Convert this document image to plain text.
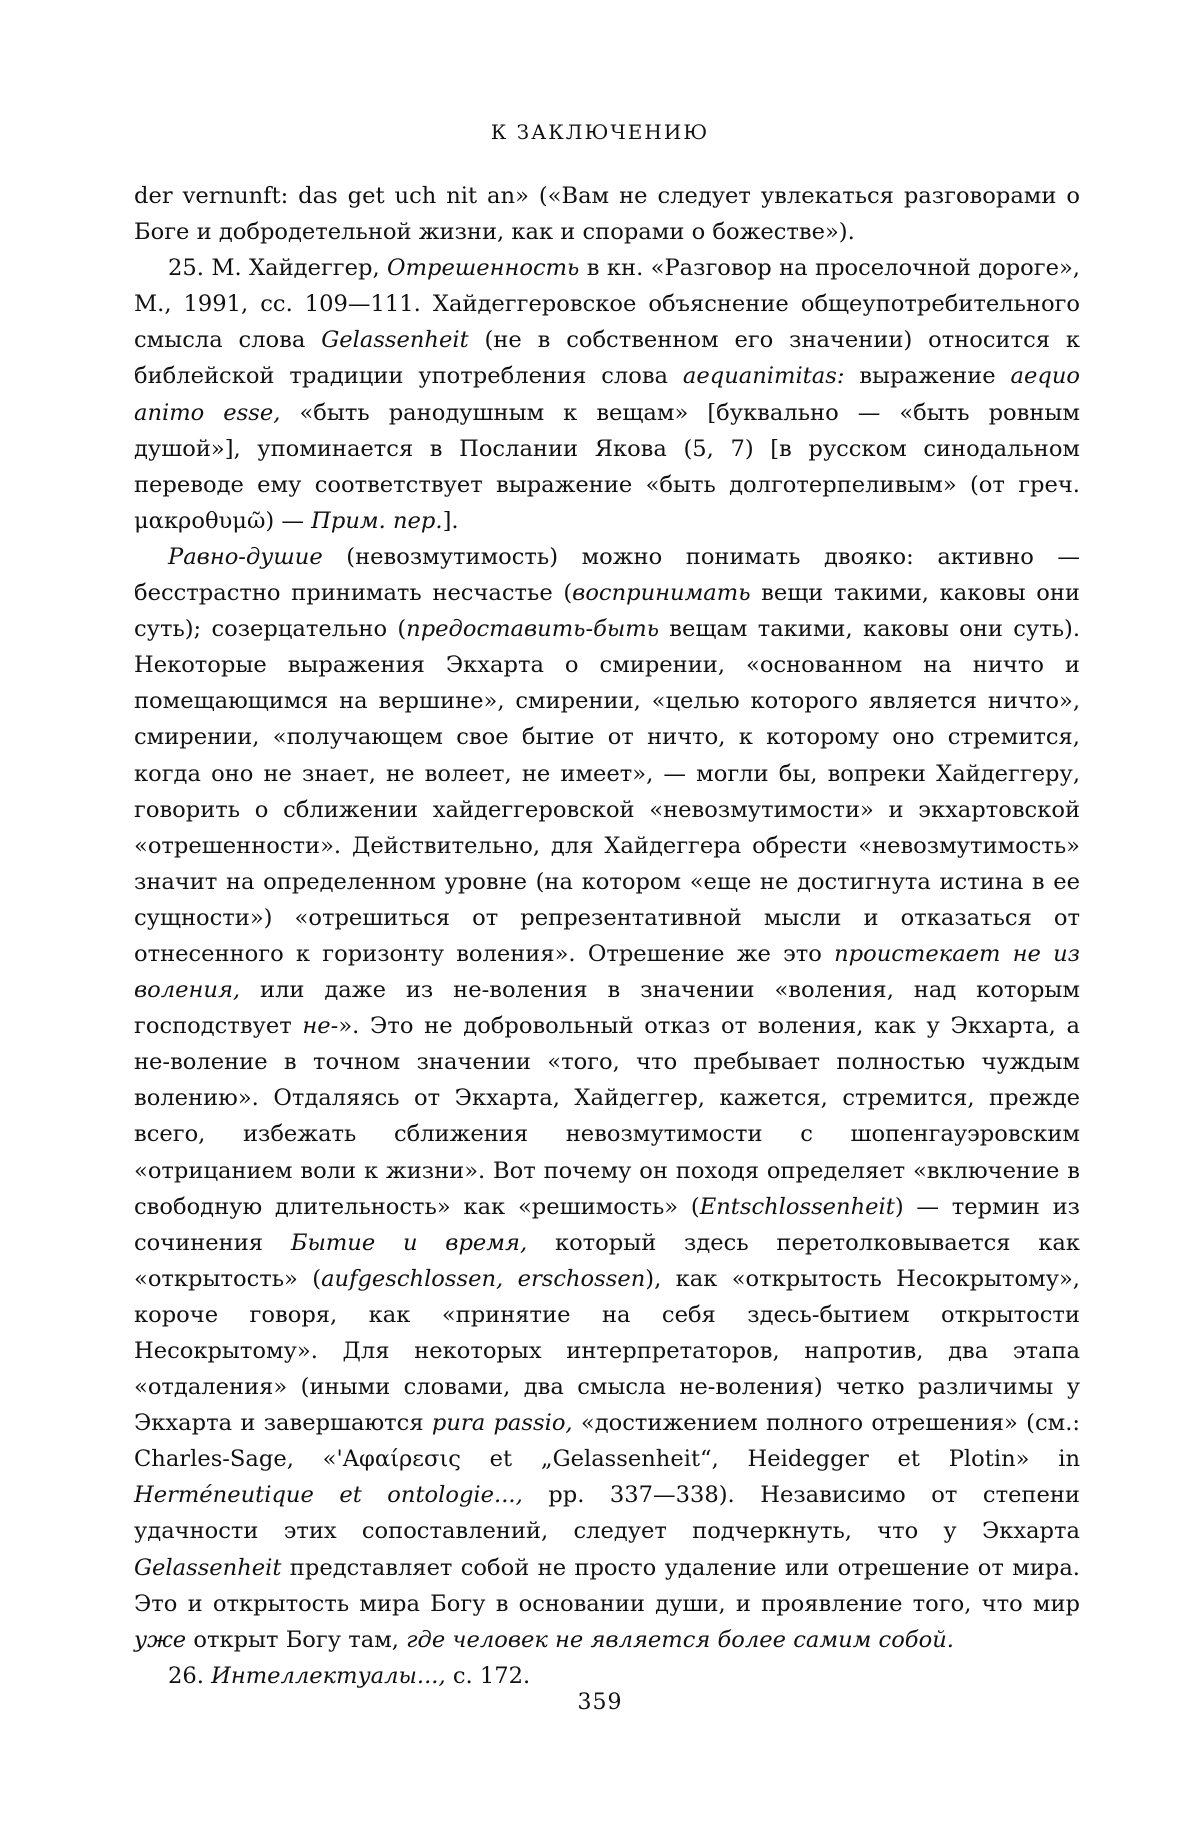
К ЗАКЛЮЧЕНИЮ

der vernunft: das get uch nit an» («Вам не следует увлекаться разговорами о Боге и добродетельной жизни, как и спорами о божестве»).

25. М. Хайдеггер, Отрешенность в кн. «Разговор на проселочной дороге», М., 1991, сс. 109—111. Хайдеггеровское объяснение общеупотребительного смысла слова Gelassenheit (не в собственном его значении) относится к библейской традиции употребления слова aequanimitas: выражение aequo animo esse, «быть ранодушным к вещам» [буквально — «быть ровным душой»], упоминается в Послании Якова (5, 7) [в русском синодальном переводе ему соответствует выражение «быть долготерпеливым» (от греч. μακροθυμῶ) — Прим. пер.].

Равно-душие (невозмутимость) можно понимать двояко: активно — бесстрастно принимать несчастье (воспринимать вещи такими, каковы они суть); созерцательно (предоставить-быть вещам такими, каковы они суть). Некоторые выражения Экхарта о смирении, «основанном на ничто и помещающимся на вершине», смирении, «целью которого является ничто», смирении, «получающем свое бытие от ничто, к которому оно стремится, когда оно не знает, не волеет, не имеет», — могли бы, вопреки Хайдеггеру, говорить о сближении хайдеггеровской «невозмутимости» и экхартовской «отрешенности». Действительно, для Хайдеггера обрести «невозмутимость» значит на определенном уровне (на котором «еще не достигнута истина в ее сущности») «отрешиться от репрезентативной мысли и отказаться от отнесенного к горизонту воления». Отрешение же это проистекает не из воления, или даже из не-воления в значении «воления, над которым господствует не-». Это не добровольный отказ от воления, как у Экхарта, а не-воление в точном значении «того, что пребывает полностью чуждым волению». Отдаляясь от Экхарта, Хайдеггер, кажется, стремится, прежде всего, избежать сближения невозмутимости с шопенгауэровским «отрицанием воли к жизни». Вот почему он походя определяет «включение в свободную длительность» как «решимость» (Entschlossenheit) — термин из сочинения Бытие и время, который здесь перетолковывается как «открытость» (aufgeschlossen, erschossen), как «открытость Несокрытому», короче говоря, как «принятие на себя здесь-бытием открытости Несокрытому». Для некоторых интерпретаторов, напротив, два этапа «отдаления» (иными словами, два смысла не-воления) четко различимы у Экхарта и завершаются pura passio, «достижением полного отрешения» (см.: Charles-Sage, «'Αφαίρεσις et „Gelassenheit“, Heidegger et Plotin» in Herméneutique et ontologie..., pp. 337—338). Независимо от степени удачности этих сопоставлений, следует подчеркнуть, что у Экхарта Gelassenheit представляет собой не просто удаление или отрешение от мира. Это и открытость мира Богу в основании души, и проявление того, что мир уже открыт Богу там, где человек не является более самим собой.

26. Интеллектуалы..., с. 172.

359
